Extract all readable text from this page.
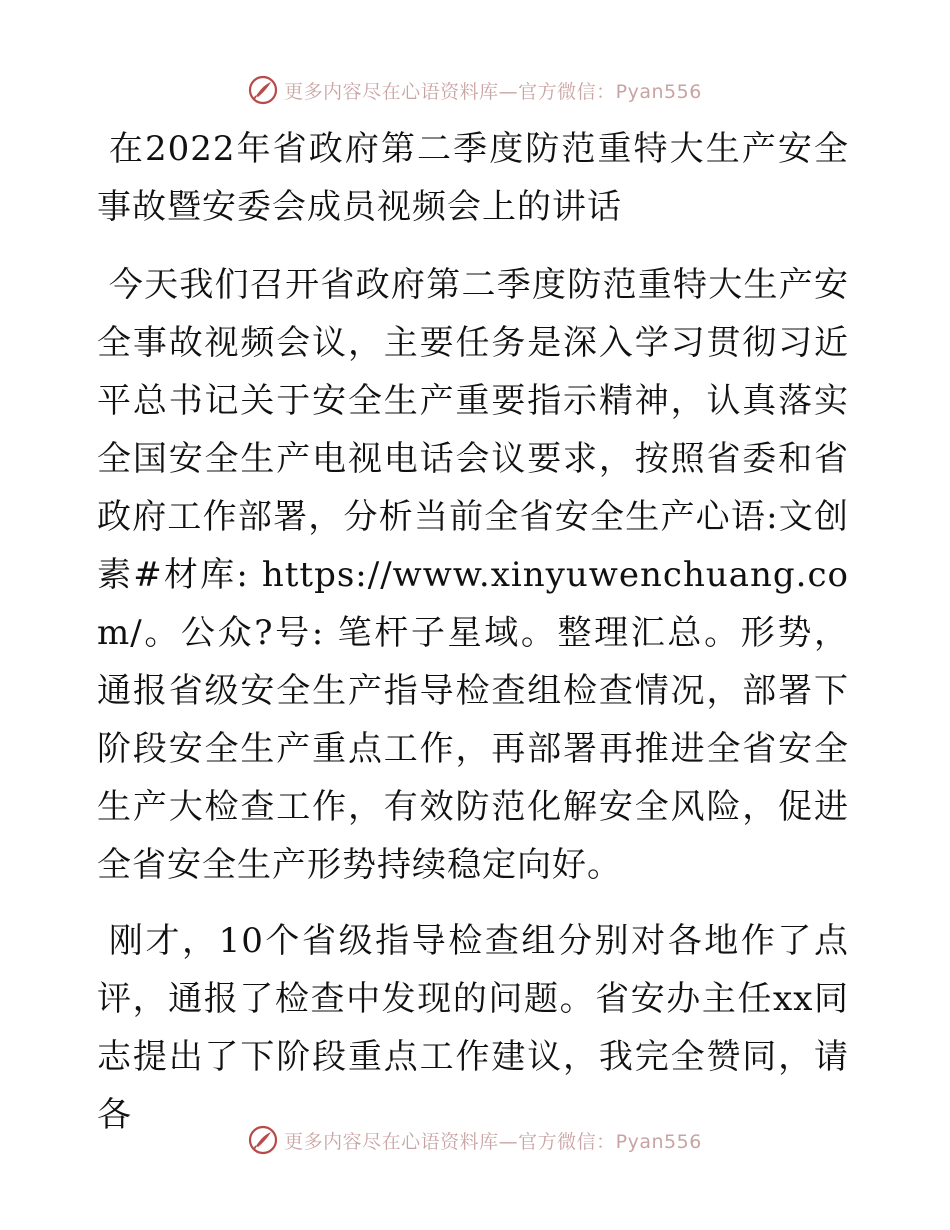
更多内容尽在心语资料库—官方微信：Pyan556

在2022年省政府第二季度防范重特大生产安全事故暨安委会成员视频会上的讲话

今天我们召开省政府第二季度防范重特大生产安全事故视频会议，主要任务是深入学习贯彻习近平总书记关于安全生产重要指示精神，认真落实全国安全生产电视电话会议要求，按照省委和省政府工作部署，分析当前全省安全生产心语:文创素#材库: https://www.xinyuwenchuang.com/。公众?号: 笔杆子星域。整理汇总。形势，通报省级安全生产指导检查组检查情况，部署下阶段安全生产重点工作，再部署再推进全省安全生产大检查工作，有效防范化解安全风险，促进全省安全生产形势持续稳定向好。

刚才，10个省级指导检查组分别对各地作了点评，通报了检查中发现的问题。省安办主任xx同志提出了下阶段重点工作建议，我完全赞同，请各

更多内容尽在心语资料库—官方微信：Pyan556
